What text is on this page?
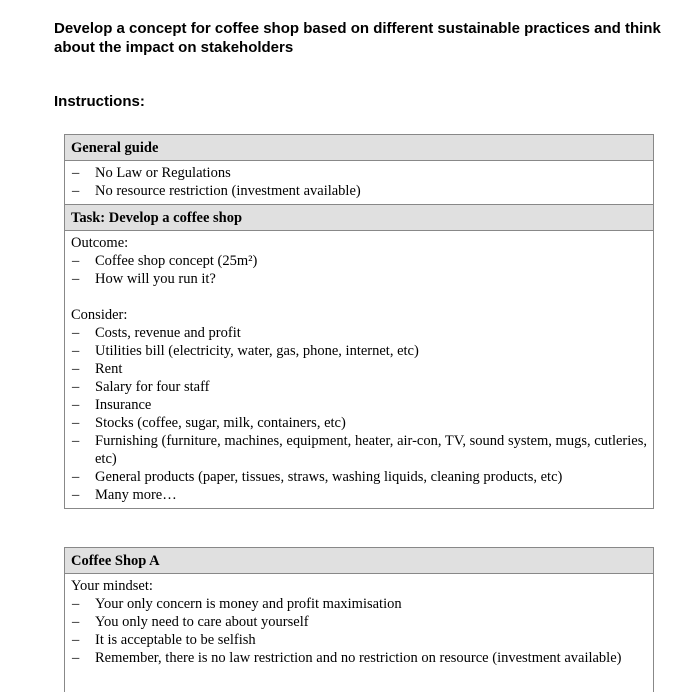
Develop a concept for coffee shop based on different sustainable practices and think about the impact on stakeholders

Instructions:

General guide
– No Law or Regulations
– No resource restriction (investment available)
Task: Develop a coffee shop

Outcome:

– Coffee shop concept (25m²)
– How will you run it?

Consider:

– Costs, revenue and profit
– Utilities bill (electricity, water, gas, phone, internet, etc)
– Rent
– Salary for four staff
– Insurance
– Stocks (coffee, sugar, milk, containers, etc)
– Furnishing (furniture, machines, equipment, heater, air-con, TV, sound system, mugs, cutleries, etc)
– General products (paper, tissues, straws, washing liquids, cleaning products, etc)
– Many more…
Coffee Shop A

Your mindset:

– Your only concern is money and profit maximisation
– You only need to care about yourself
– It is acceptable to be selfish
– Remember, there is no law restriction and no restriction on resource (investment available)
